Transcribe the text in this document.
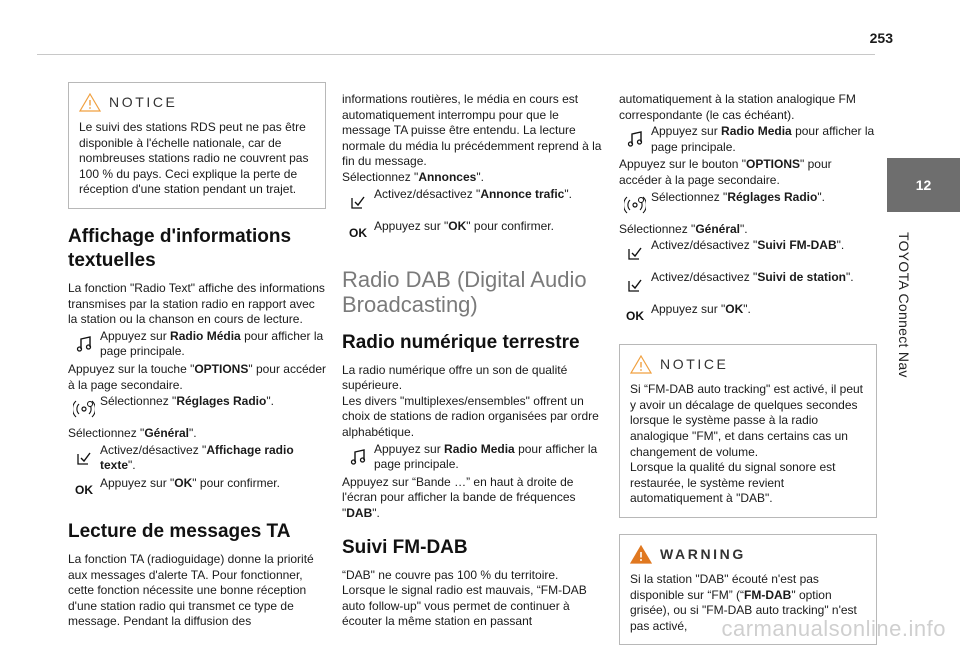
253
12
TOYOTA Connect Nav
NOTICE

Le suivi des stations RDS peut ne pas être disponible à l'échelle nationale, car de nombreuses stations radio ne couvrent pas 100 % du pays. Ceci explique la perte de réception d'une station pendant un trajet.

Affichage d'informations textuelles

La fonction "Radio Text" affiche des informations transmises par la station radio en rapport avec la station ou la chanson en cours de lecture.

Appuyez sur Radio Média pour afficher la page principale.

Appuyez sur la touche "OPTIONS" pour accéder à la page secondaire.

Sélectionnez "Réglages Radio".

Sélectionnez "Général".

Activez/désactivez "Affichage radio texte".
OK
Appuyez sur "OK" pour confirmer.
Lecture de messages TA

La fonction TA (radioguidage) donne la priorité aux messages d'alerte TA. Pour fonctionner, cette fonction nécessite une bonne réception d'une station radio qui transmet ce type de message. Pendant la diffusion des

informations routières, le média en cours est automatiquement interrompu pour que le message TA puisse être entendu. La lecture normale du média lu précédemment reprend à la fin du message.

Sélectionnez "Annonces".

Activez/désactivez "Annonce trafic".
OK
Appuyez sur "OK" pour confirmer.
Radio DAB (Digital Audio Broadcasting)
Radio numérique terrestre

La radio numérique offre un son de qualité supérieure.

Les divers "multiplexes/ensembles" offrent un choix de stations de radion organisées par ordre alphabétique.

Appuyez sur Radio Media pour afficher la page principale.

Appuyez sur “Bande …” en haut à droite de l'écran pour afficher la bande de fréquences "DAB".

Suivi FM-DAB

“DAB" ne couvre pas 100 % du territoire.

Lorsque le signal radio est mauvais, “FM-DAB auto follow-up" vous permet de continuer à écouter la même station en passant

automatiquement à la station analogique FM correspondante (le cas échéant).

Appuyez sur Radio Media pour afficher la page principale.

Appuyez sur le bouton "OPTIONS" pour accéder à la page secondaire.

Sélectionnez "Réglages Radio".

Sélectionnez "Général".

Activez/désactivez "Suivi FM-DAB".
Activez/désactivez "Suivi de station".
OK
Appuyez sur "OK".
NOTICE

Si “FM-DAB auto tracking" est activé, il peut y avoir un décalage de quelques secondes lorsque le système passe à la radio analogique "FM", et dans certains cas un changement de volume.

Lorsque la qualité du signal sonore est restaurée, le système revient automatiquement à "DAB".

WARNING

Si la station "DAB" écouté n'est pas disponible sur “FM” (“FM-DAB" option grisée), ou si "FM-DAB auto tracking" n'est pas activé,	carmanualsonline.info
